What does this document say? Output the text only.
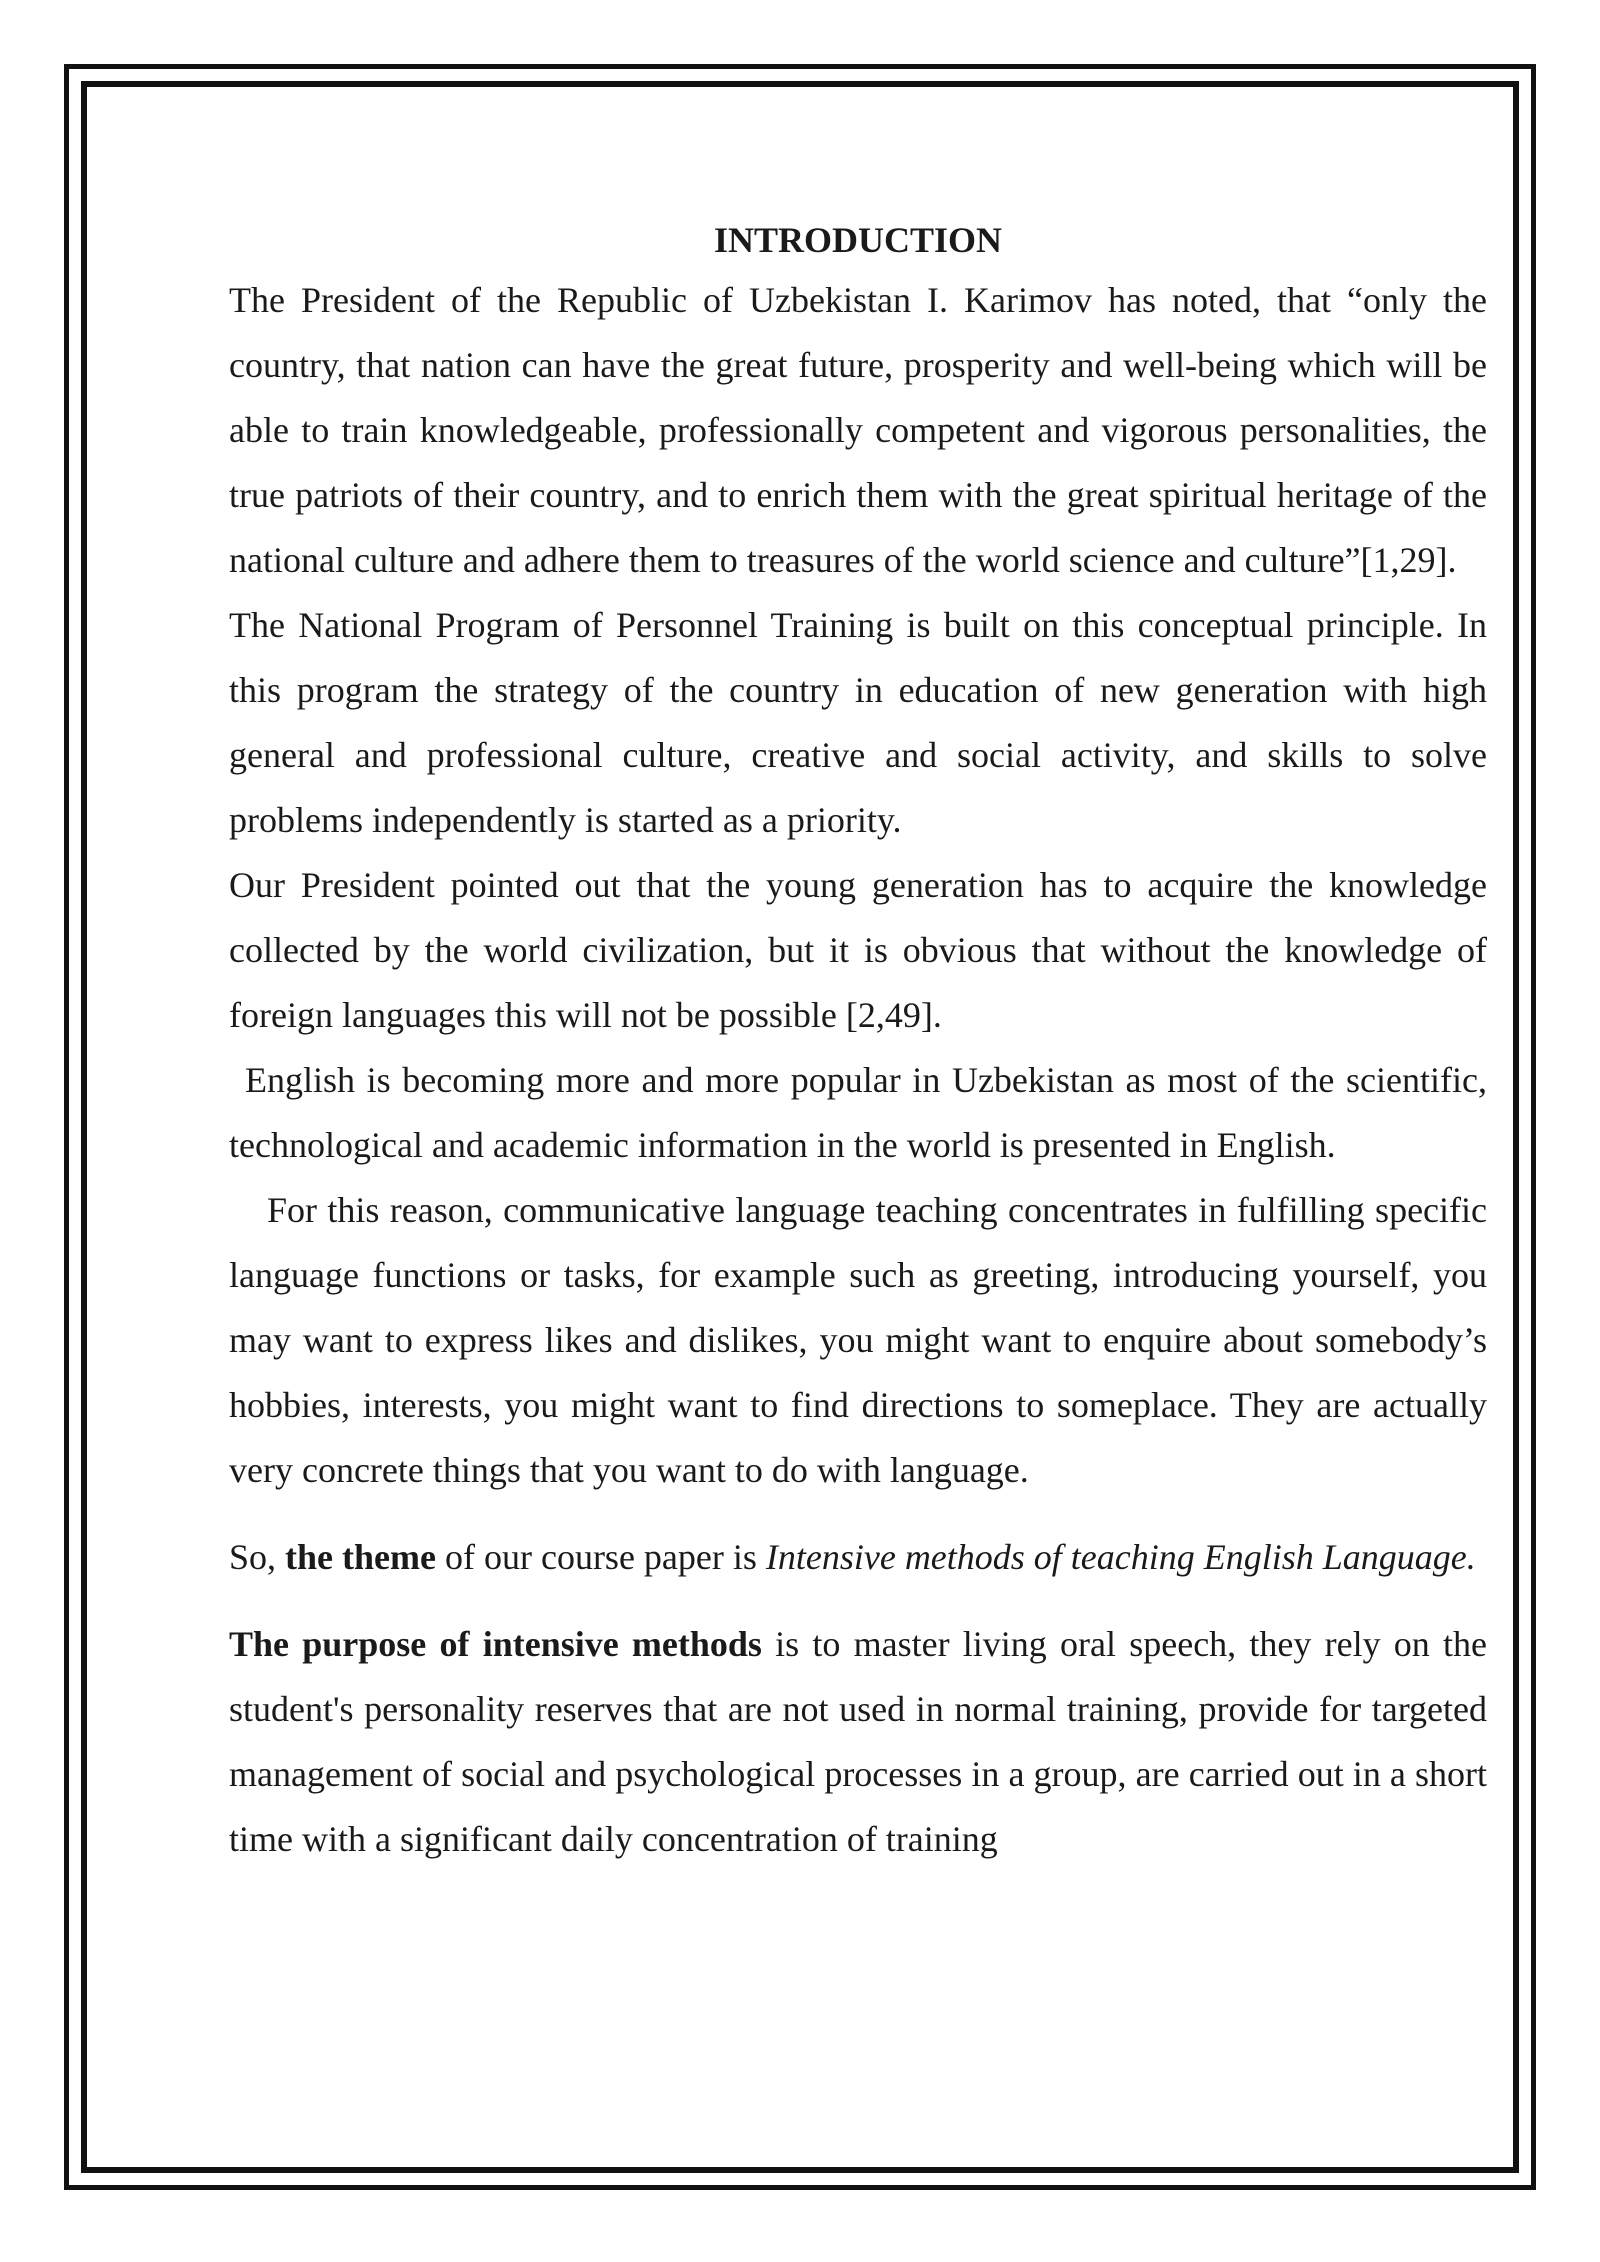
INTRODUCTION

The President of the Republic of Uzbekistan I. Karimov has noted, that “only the country, that nation can have the great future, prosperity and well-being which will be able to train knowledgeable, professionally competent and vigorous personalities, the true patriots of their country, and to enrich them with the great spiritual heritage of the national culture and adhere them to treasures of the world science and culture”[1,29].

The National Program of Personnel Training is built on this conceptual principle. In this program the strategy of the country in education of new generation with high general and professional culture, creative and social activity, and skills to solve problems independently is started as a priority.

Our President pointed out that the young generation has to acquire the knowledge collected by the world civilization, but it is obvious that without the knowledge of foreign languages this will not be possible [2,49].

English is becoming more and more popular in Uzbekistan as most of the scientific, technological and academic information in the world is presented in English.

For this reason, communicative language teaching concentrates in fulfilling specific language functions or tasks, for example such as greeting, introducing yourself, you may want to express likes and dislikes, you might want to enquire about somebody’s hobbies, interests, you might want to find directions to someplace. They are actually very concrete things that you want to do with language.

So, the theme of our course paper is Intensive methods of teaching English Language.

The purpose of intensive methods is to master living oral speech, they rely on the student's personality reserves that are not used in normal training, provide for targeted management of social and psychological processes in a group, are carried out in a short time with a significant daily concentration of training
